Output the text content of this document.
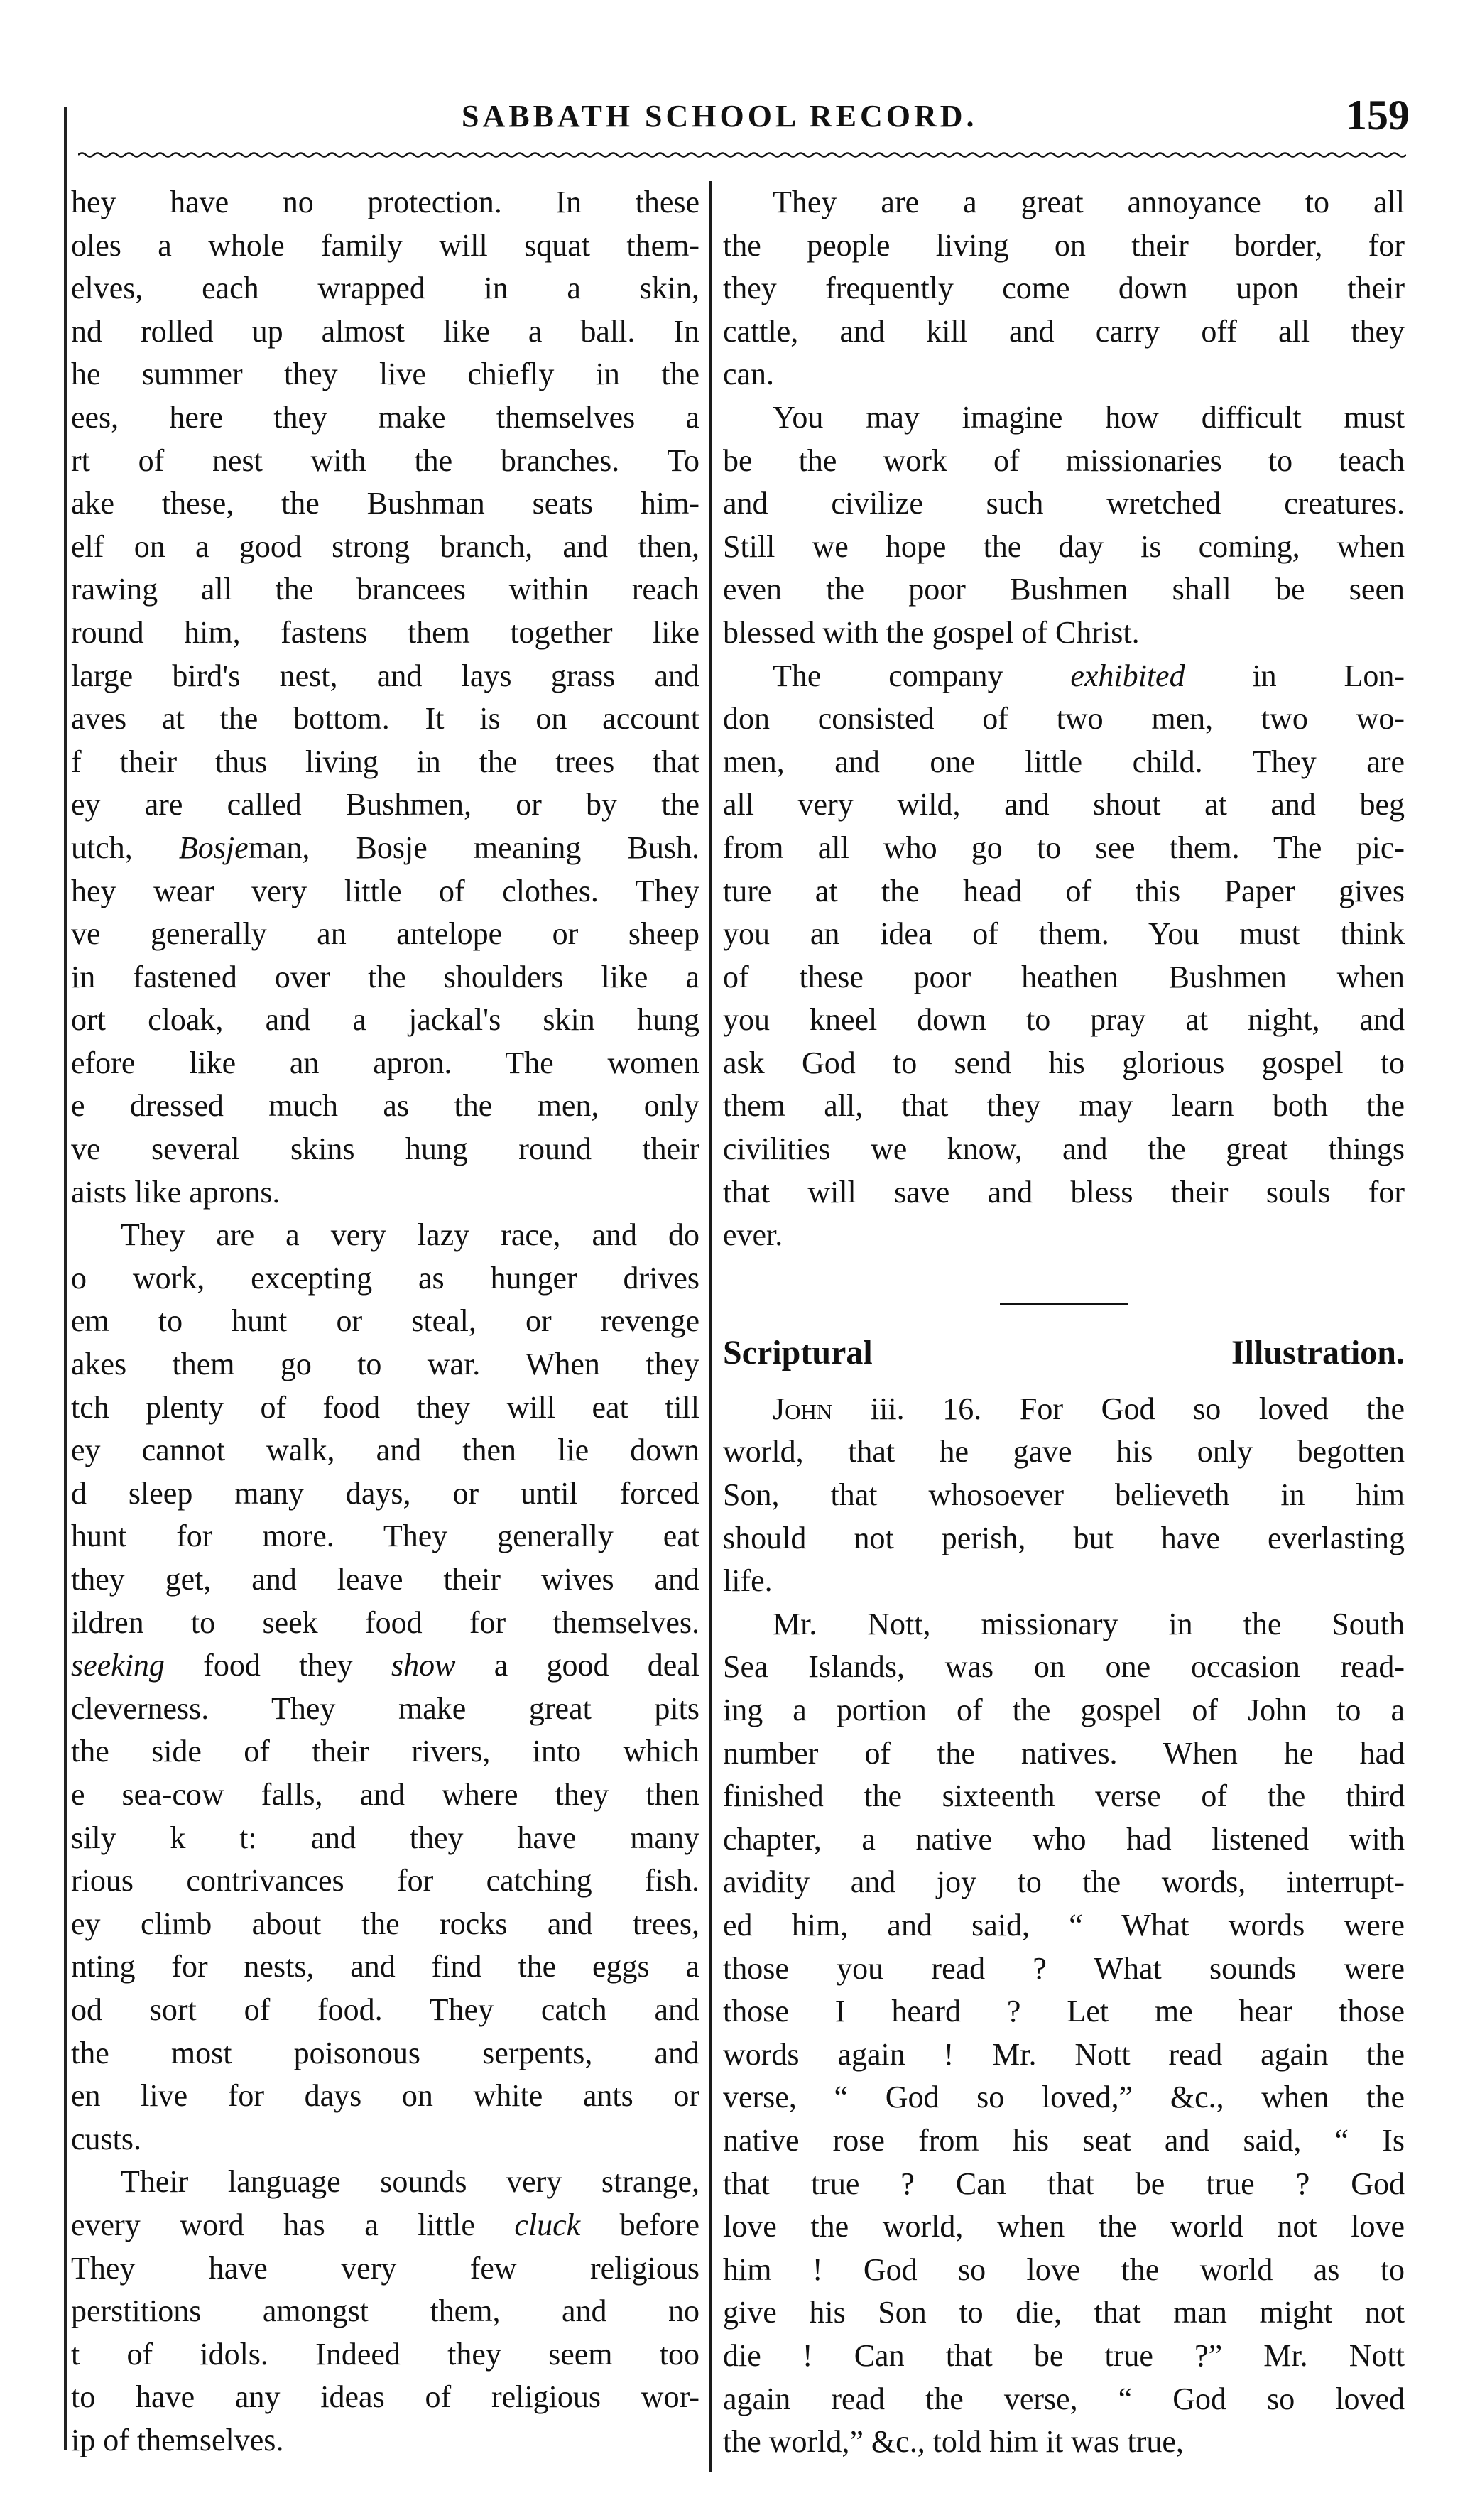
SABBATH SCHOOL RECORD.	159

hey have no protection. In these
oles a whole family will squat them-
elves, each wrapped in a skin,
nd rolled up almost like a ball. In
he summer they live chiefly in the
ees, here they make themselves a
rt of nest with the branches. To
ake these, the Bushman seats him-
elf on a good strong branch, and then,
rawing all the brancees within reach
round him, fastens them together like
large bird's nest, and lays grass and
aves at the bottom. It is on account
f their thus living in the trees that
ey are called Bushmen, or by the
utch, Bosjeman, Bosje meaning Bush.
hey wear very little of clothes. They
ve generally an antelope or sheep
in fastened over the shoulders like a
ort cloak, and a jackal's skin hung
efore like an apron. The women
e dressed much as the men, only
ve several skins hung round their
aists like aprons.

They are a very lazy race, and do
o work, excepting as hunger drives
em to hunt or steal, or revenge
akes them go to war. When they
tch plenty of food they will eat till
ey cannot walk, and then lie down
d sleep many days, or until forced
hunt for more. They generally eat
they get, and leave their wives and
ildren to seek food for themselves.
seeking food they show a good deal
cleverness. They make great pits
the side of their rivers, into which
e sea-cow falls, and where they then
sily k t: and they have many
rious contrivances for catching fish.
ey climb about the rocks and trees,
nting for nests, and find the eggs a
od sort of food. They catch and
the most poisonous serpents, and
en live for days on white ants or
custs.

Their language sounds very strange,
every word has a little cluck before
They have very few religious
perstitions amongst them, and no
t of idols. Indeed they seem too
to have any ideas of religious wor-
ip of themselves.

They are a great annoyance to all
the people living on their border, for
they frequently come down upon their
cattle, and kill and carry off all they
can.

You may imagine how difficult must
be the work of missionaries to teach
and civilize such wretched creatures.
Still we hope the day is coming, when
even the poor Bushmen shall be seen
blessed with the gospel of Christ.

The company exhibited in Lon-
don consisted of two men, two wo-
men, and one little child. They are
all very wild, and shout at and beg
from all who go to see them. The pic-
ture at the head of this Paper gives
you an idea of them. You must think
of these poor heathen Bushmen when
you kneel down to pray at night, and
ask God to send his glorious gospel to
them all, that they may learn both the
civilities we know, and the great things
that will save and bless their souls for
ever.

Scriptural Illustration.

John iii. 16. For God so loved the
world, that he gave his only begotten
Son, that whosoever believeth in him
should not perish, but have everlasting
life.

Mr. Nott, missionary in the South
Sea Islands, was on one occasion read-
ing a portion of the gospel of John to a
number of the natives. When he had
finished the sixteenth verse of the third
chapter, a native who had listened with
avidity and joy to the words, interrupt-
ed him, and said, “ What words were
those you read ? What sounds were
those I heard ? Let me hear those
words again ! Mr. Nott read again the
verse, “ God so loved,” &c., when the
native rose from his seat and said, “ Is
that true ? Can that be true ? God
love the world, when the world not love
him ! God so love the world as to
give his Son to die, that man might not
die ! Can that be true ?” Mr. Nott
again read the verse, “ God so loved
the world,” &c., told him it was true,
